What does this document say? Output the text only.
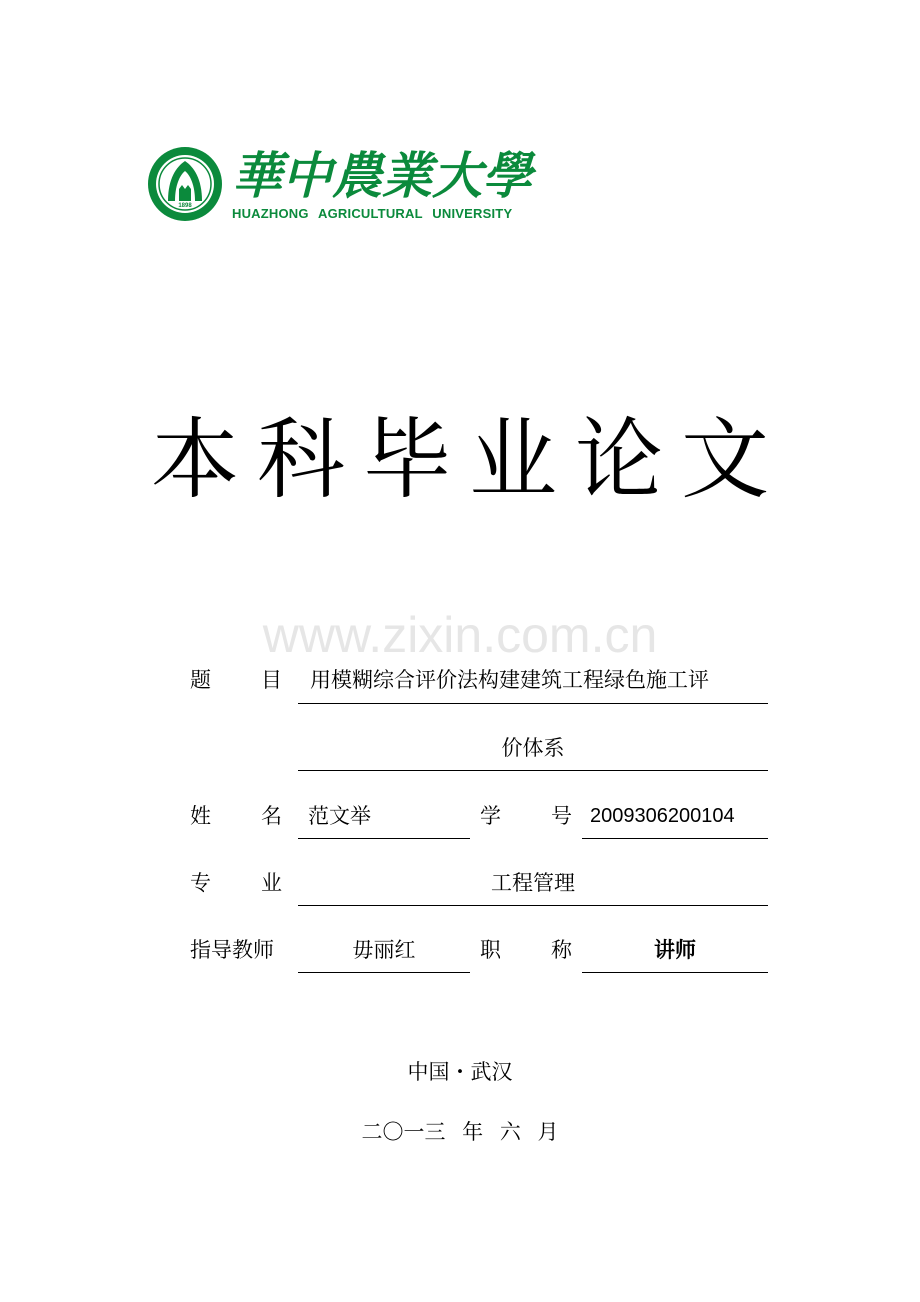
1898
華中農業大學
HUAZHONG AGRICULTURAL UNIVERSITY
本科毕业论文
www.zixin.com.cn
题目 用模糊综合评价法构建建筑工程绿色施工评
价体系
姓名 范文举	学号 2009306200104
专业	工程管理
指导教师	毋丽红	职称	讲师
中国・武汉
二〇一三 年 六 月
